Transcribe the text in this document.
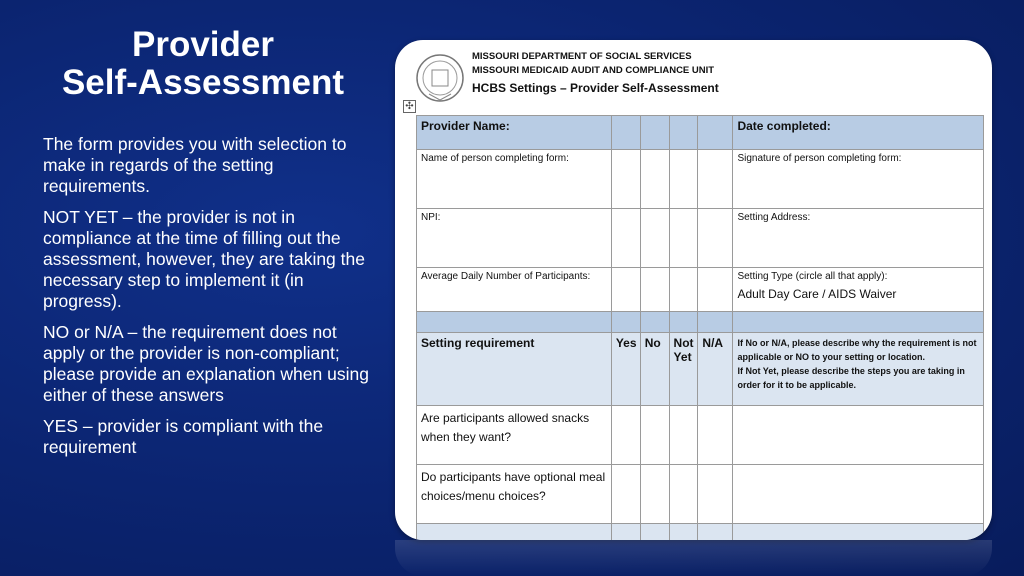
Provider
Self-Assessment

The form provides you with selection to make in regards of the setting requirements.

NOT YET – the provider is not in compliance at the time of filling out the assessment, however, they are taking the necessary step to implement it (in progress).

NO or N/A – the requirement does not apply or the provider is non-compliant; please provide an explanation when using either of these answers

YES – provider is compliant with the requirement

MISSOURI DEPARTMENT OF SOCIAL SERVICES
MISSOURI MEDICAID AUDIT AND COMPLIANCE UNIT
HCBS Settings – Provider Self-Assessment
✣
Provider Name:					Date completed:
Name of person completing form:					Signature of person completing form:
NPI:					Setting Address:
Average Daily Number of Participants:					Setting Type (circle all that apply):
Adult Day Care / AIDS Waiver

Setting requirement	Yes	No	Not Yet	N/A	If No or N/A, please describe why the requirement is not applicable or NO to your setting or location.
If Not Yet, please describe the steps you are taking in order for it to be applicable.

Are participants allowed snacks when they want?					
Do participants have optional meal choices/menu choices?					
